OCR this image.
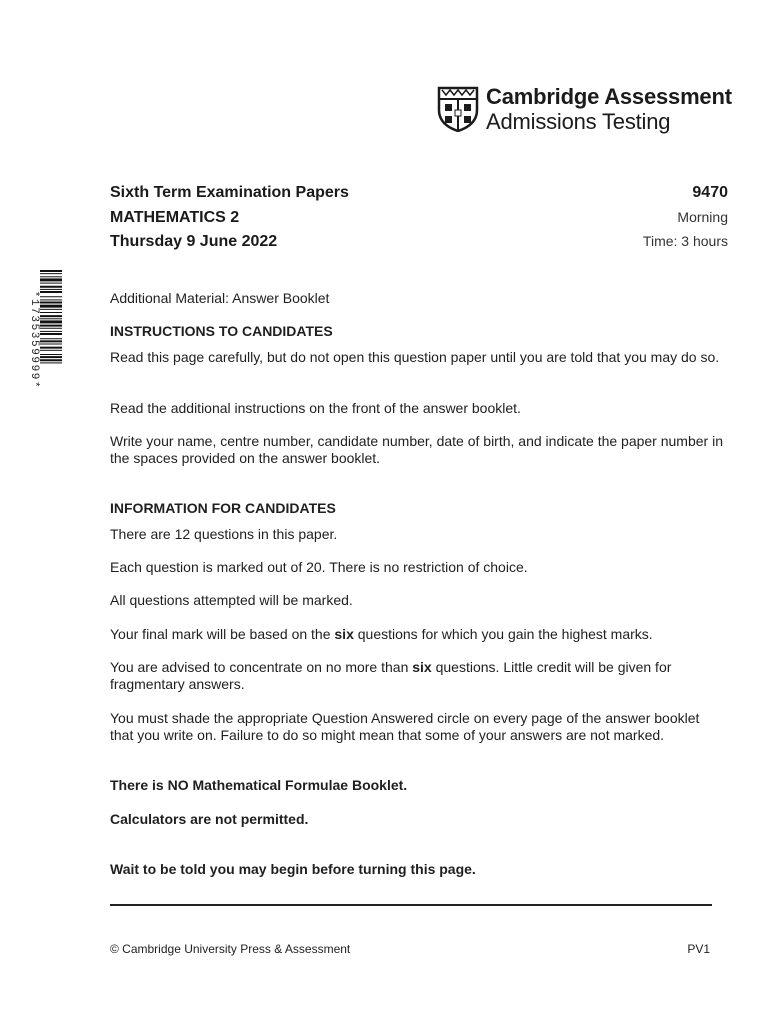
Cambridge Assessment
Admissions Testing
Sixth Term Examination Papers
MATHEMATICS 2
Thursday 9 June 2022
9470
Morning
Time: 3 hours
*1735359999*	Additional Material: Answer Booklet
INSTRUCTIONS TO CANDIDATES
Read this page carefully, but do not open this question paper until you are told that you may do so.
Read the additional instructions on the front of the answer booklet.
Write your name, centre number, candidate number, date of birth, and indicate the paper number in the spaces provided on the answer booklet.
INFORMATION FOR CANDIDATES
There are 12 questions in this paper.
Each question is marked out of 20. There is no restriction of choice.
All questions attempted will be marked.
Your final mark will be based on the six questions for which you gain the highest marks.
You are advised to concentrate on no more than six questions. Little credit will be given for fragmentary answers.
You must shade the appropriate Question Answered circle on every page of the answer booklet that you write on. Failure to do so might mean that some of your answers are not marked.
There is NO Mathematical Formulae Booklet.
Calculators are not permitted.
Wait to be told you may begin before turning this page.
© Cambridge University Press & Assessment	PV1
